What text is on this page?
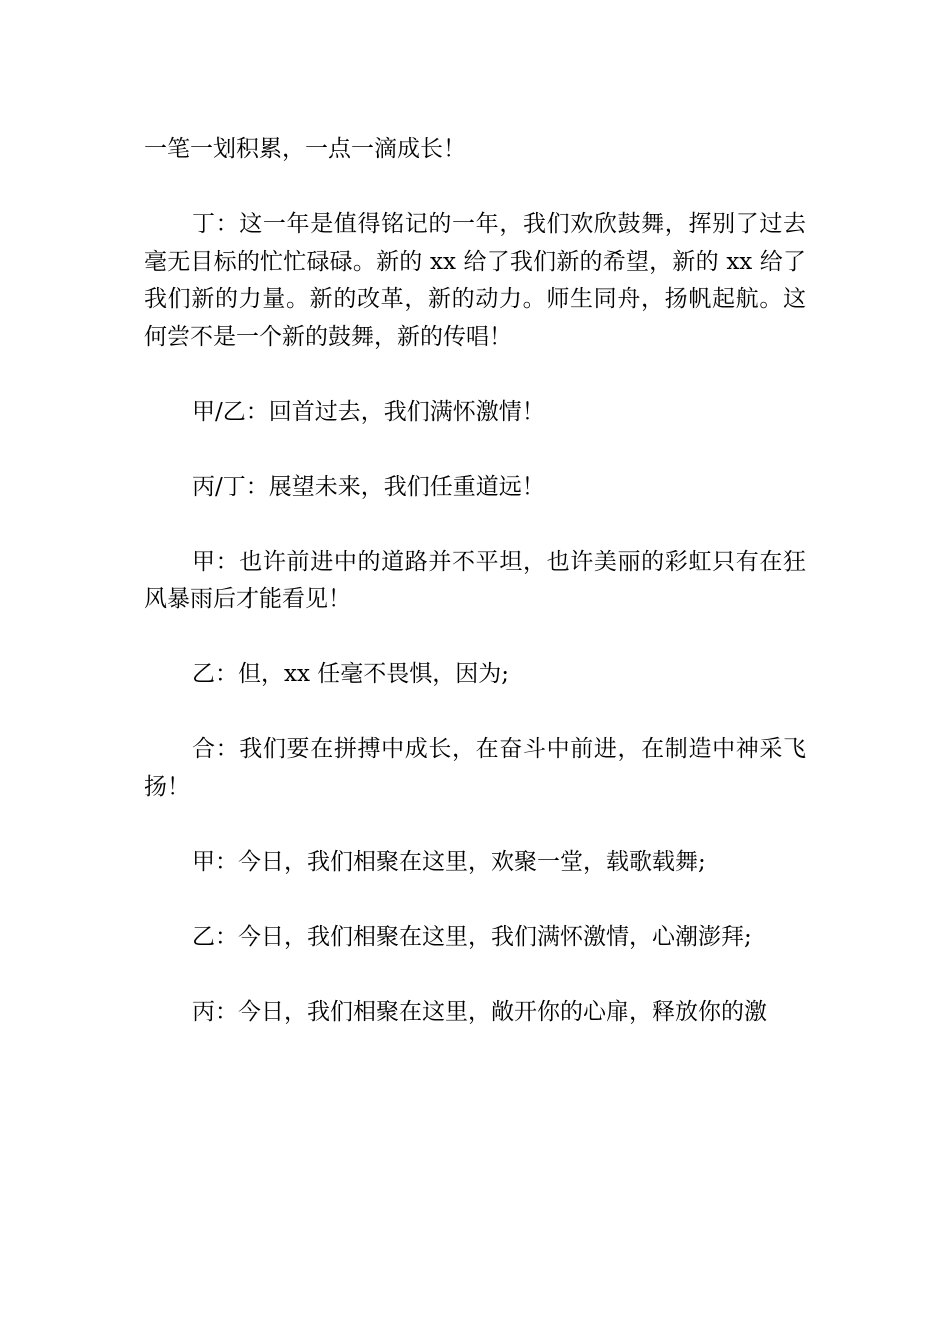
一笔一划积累，一点一滴成长！

丁：这一年是值得铭记的一年，我们欢欣鼓舞，挥别了过去毫无目标的忙忙碌碌。新的 xx 给了我们新的希望，新的 xx 给了我们新的力量。新的改革，新的动力。师生同舟，扬帆起航。这何尝不是一个新的鼓舞，新的传唱！

甲/乙：回首过去，我们满怀激情！

丙/丁：展望未来，我们任重道远！

甲：也许前进中的道路并不平坦，也许美丽的彩虹只有在狂风暴雨后才能看见！

乙：但，xx 任毫不畏惧，因为;

合：我们要在拼搏中成长，在奋斗中前进，在制造中神采飞扬！

甲：今日，我们相聚在这里，欢聚一堂，载歌载舞;

乙：今日，我们相聚在这里，我们满怀激情，心潮澎拜;

丙：今日，我们相聚在这里，敞开你的心扉，释放你的激
